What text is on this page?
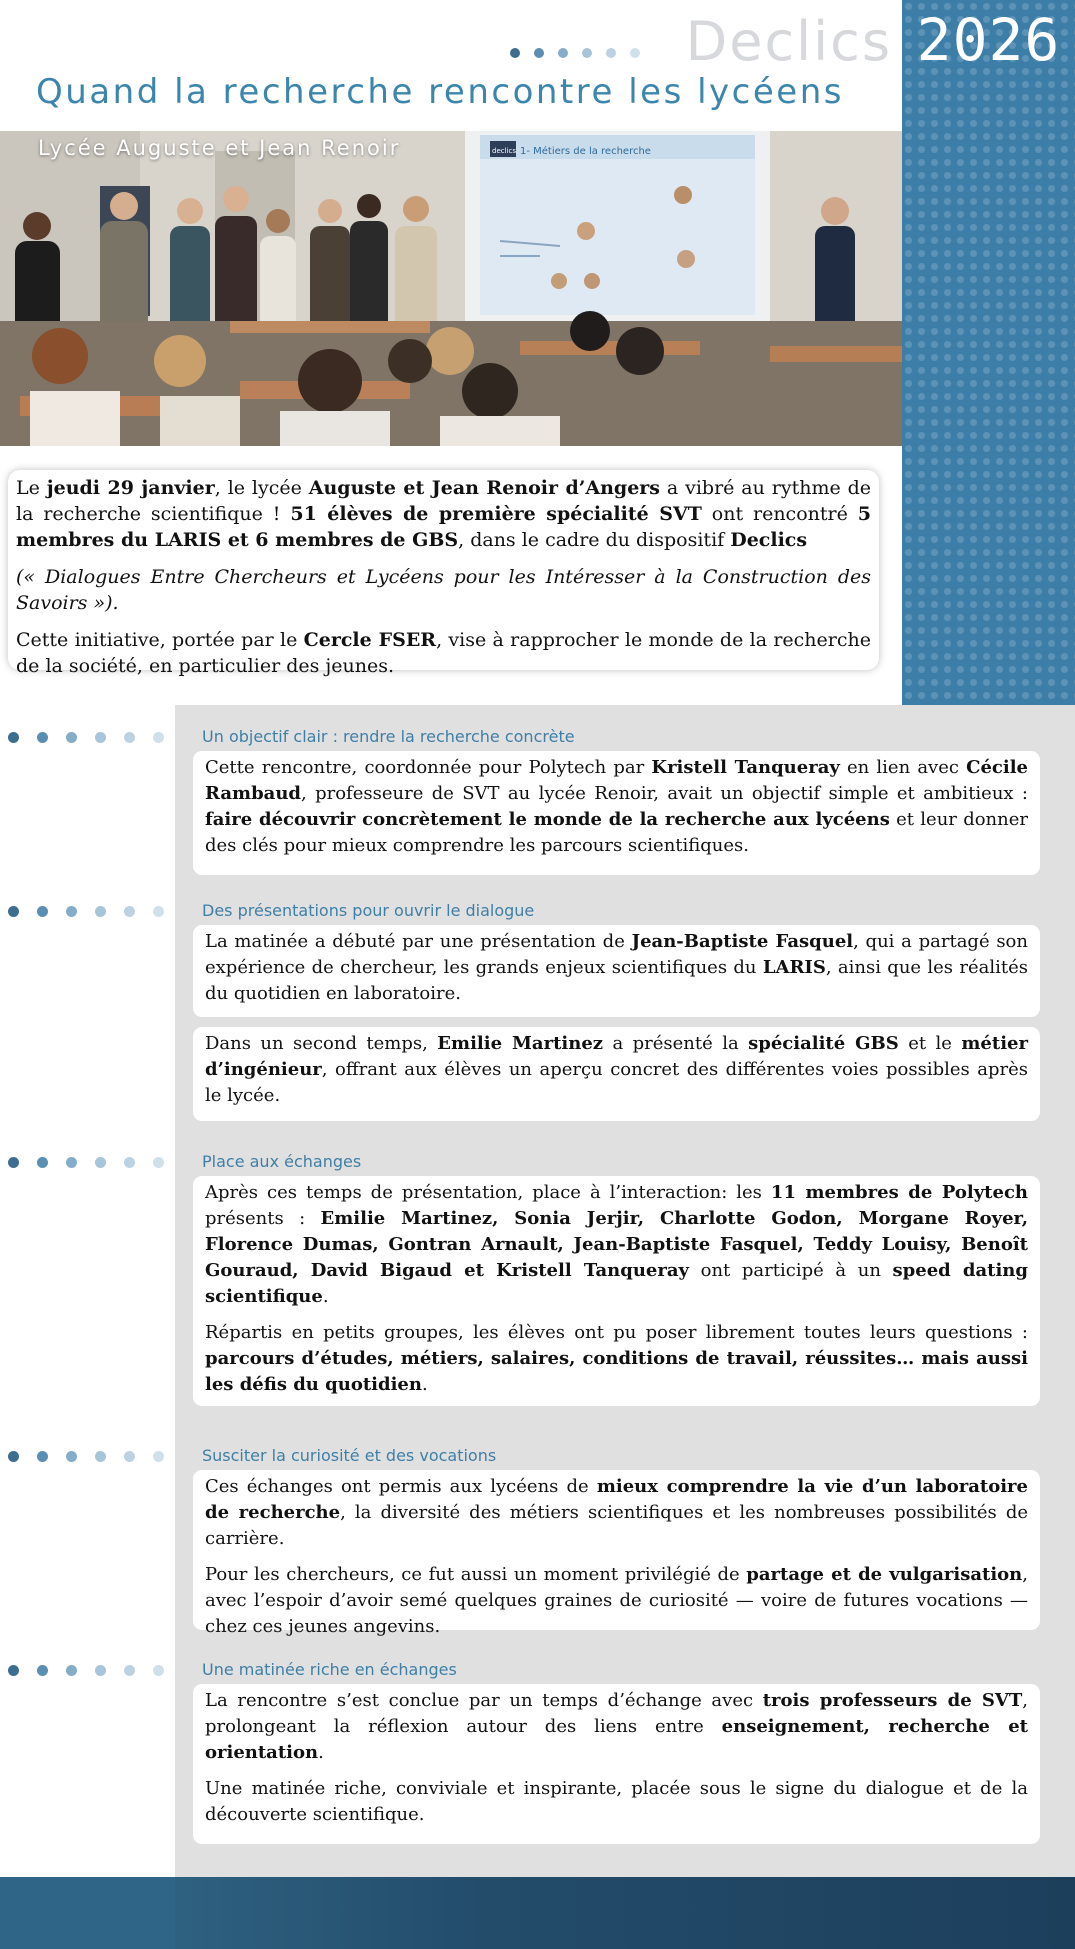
2026
Declics
Quand la recherche rencontre les lycéens
1- Métiers de la recherche
declics
Lycée Auguste et Jean Renoir

Le jeudi 29 janvier, le lycée Auguste et Jean Renoir d’Angers a vibré au rythme de la recherche scientifique ! 51 élèves de première spécialité SVT ont rencontré 5 membres du LARIS et 6 membres de GBS, dans le cadre du dispositif Declics

(« Dialogues Entre Chercheurs et Lycéens pour les Intéresser à la Construction des Savoirs »).

Cette initiative, portée par le Cercle FSER, vise à rapprocher le monde de la recherche de la société, en particulier des jeunes.

Un objectif clair : rendre la recherche concrète

Cette rencontre, coordonnée pour Polytech par Kristell Tanqueray en lien avec Cécile Rambaud, professeure de SVT au lycée Renoir, avait un objectif simple et ambitieux : faire découvrir concrètement le monde de la recherche aux lycéens et leur donner des clés pour mieux comprendre les parcours scientifiques.

Des présentations pour ouvrir le dialogue

La matinée a débuté par une présentation de Jean-Baptiste Fasquel, qui a partagé son expérience de chercheur, les grands enjeux scientifiques du LARIS, ainsi que les réalités du quotidien en laboratoire.

Dans un second temps, Emilie Martinez a présenté la spécialité GBS et le métier d’ingénieur, offrant aux élèves un aperçu concret des différentes voies possibles après le lycée.

Place aux échanges

Après ces temps de présentation, place à l’interaction: les 11 membres de Polytech présents : Emilie Martinez, Sonia Jerjir, Charlotte Godon, Morgane Royer, Florence Dumas, Gontran Arnault, Jean-Baptiste Fasquel, Teddy Louisy, Benoît Gouraud, David Bigaud et Kristell Tanqueray ont participé à un speed dating scientifique.

Répartis en petits groupes, les élèves ont pu poser librement toutes leurs questions : parcours d’études, métiers, salaires, conditions de travail, réussites… mais aussi les défis du quotidien.

Susciter la curiosité et des vocations

Ces échanges ont permis aux lycéens de mieux comprendre la vie d’un laboratoire de recherche, la diversité des métiers scientifiques et les nombreuses possibilités de carrière.

Pour les chercheurs, ce fut aussi un moment privilégié de partage et de vulgarisation, avec l’espoir d’avoir semé quelques graines de curiosité — voire de futures vocations — chez ces jeunes angevins.

Une matinée riche en échanges

La rencontre s’est conclue par un temps d’échange avec trois professeurs de SVT, prolongeant la réflexion autour des liens entre enseignement, recherche et orientation.

Une matinée riche, conviviale et inspirante, placée sous le signe du dialogue et de la découverte scientifique.
